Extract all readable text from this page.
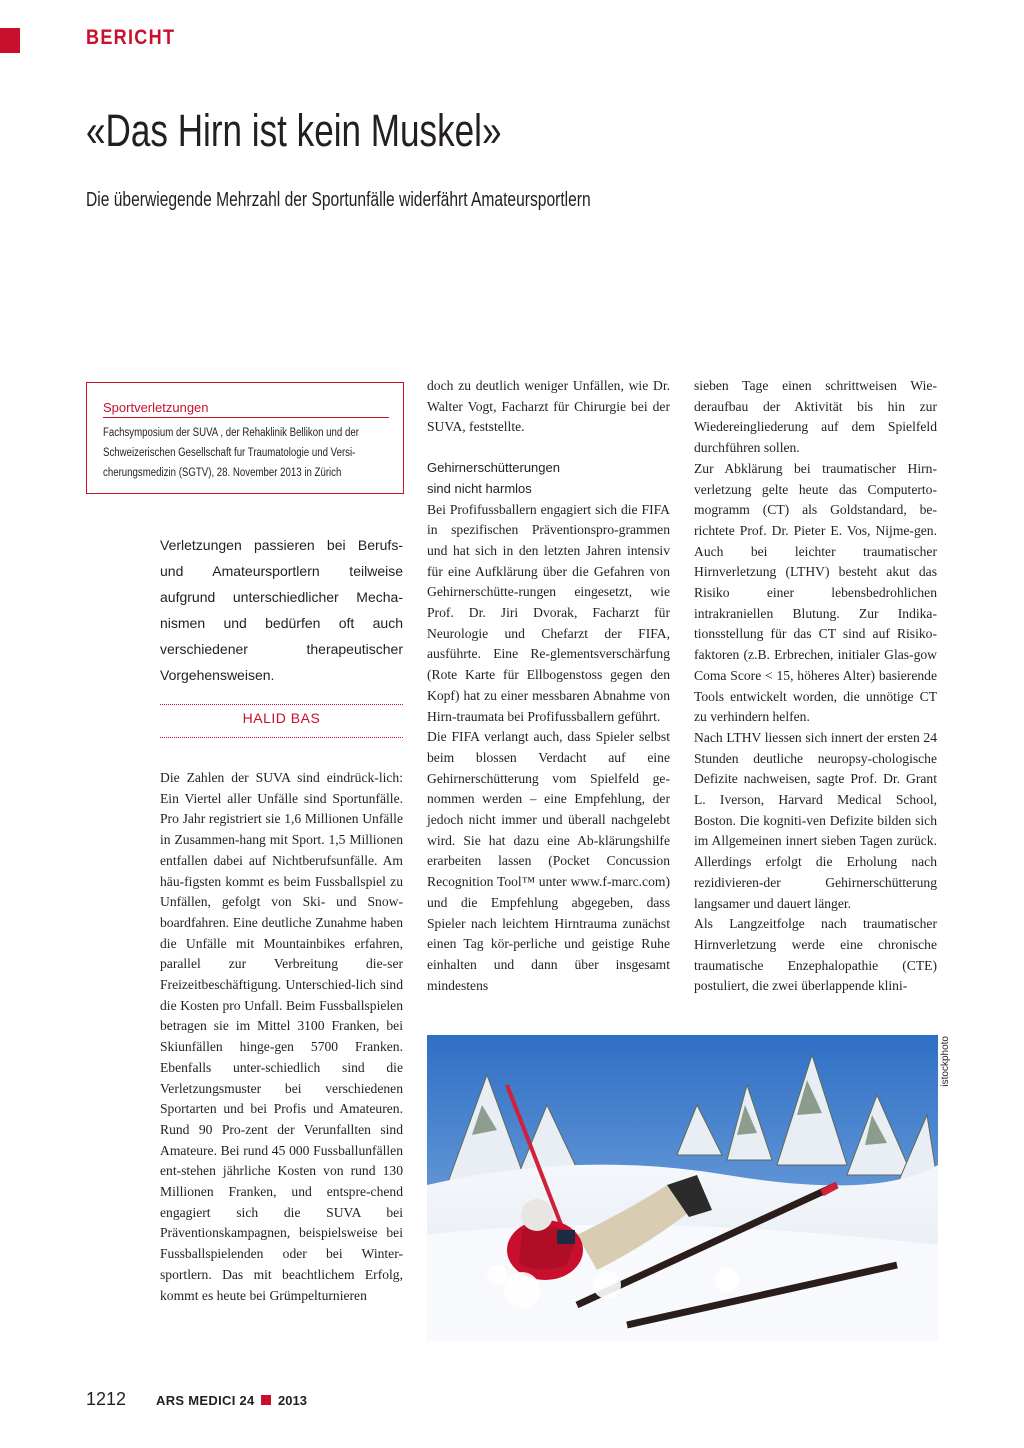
BERICHT
«Das Hirn ist kein Muskel»
Die überwiegende Mehrzahl der Sportunfälle widerfährt Amateursportlern
Sportverletzungen
Fachsymposium der SUVA , der Rehaklinik Bellikon und der
Schweizerischen Gesellschaft fur Traumatologie und Versi-
cherungsmedizin (SGTV), 28. November 2013 in Zürich
Verletzungen passieren bei Berufs-
und Amateursportlern teilweise
aufgrund unterschiedlicher Mecha-
nismen und bedürfen oft auch
verschiedener therapeutischer
Vorgehensweisen.
HALID BAS

Die Zahlen der SUVA sind eindrück-lich: Ein Viertel aller Unfälle sind Sportunfälle. Pro Jahr registriert sie 1,6 Millionen Unfälle in Zusammen-hang mit Sport. 1,5 Millionen entfallen dabei auf Nichtberufsunfälle. Am häu-figsten kommt es beim Fussballspiel zu Unfällen, gefolgt von Ski- und Snow-boardfahren. Eine deutliche Zunahme haben die Unfälle mit Mountainbikes erfahren, parallel zur Verbreitung die-ser Freizeitbeschäftigung. Unterschied-lich sind die Kosten pro Unfall. Beim Fussballspielen betragen sie im Mittel 3100 Franken, bei Skiunfällen hinge-gen 5700 Franken. Ebenfalls unter-schiedlich sind die Verletzungsmuster bei verschiedenen Sportarten und bei Profis und Amateuren. Rund 90 Pro-zent der Verunfallten sind Amateure. Bei rund 45 000 Fussballunfällen ent-stehen jährliche Kosten von rund 130 Millionen Franken, und entspre-chend engagiert sich die SUVA bei Präventionskampagnen, beispielsweise bei Fussballspielenden oder bei Winter-sportlern. Das mit beachtlichem Erfolg, kommt es heute bei Grümpelturnieren

doch zu deutlich weniger Unfällen, wie Dr. Walter Vogt, Facharzt für Chirurgie bei der SUVA, feststellte.

Gehirnerschütterungen
sind nicht harmlos

Bei Profifussballern engagiert sich die FIFA in spezifischen Präventionspro-grammen und hat sich in den letzten Jahren intensiv für eine Aufklärung über die Gefahren von Gehirnerschütte-rungen eingesetzt, wie Prof. Dr. Jiri Dvorak, Facharzt für Neurologie und Chefarzt der FIFA, ausführte. Eine Re-glementsverschärfung (Rote Karte für Ellbogenstoss gegen den Kopf) hat zu einer messbaren Abnahme von Hirn-traumata bei Profifussballern geführt.

Die FIFA verlangt auch, dass Spieler selbst beim blossen Verdacht auf eine Gehirnerschütterung vom Spielfeld ge-nommen werden – eine Empfehlung, der jedoch nicht immer und überall nachgelebt wird. Sie hat dazu eine Ab-klärungshilfe erarbeiten lassen (Pocket Concussion Recognition Tool™ unter www.f-marc.com) und die Empfehlung abgegeben, dass Spieler nach leichtem Hirntrauma zunächst einen Tag kör-perliche und geistige Ruhe einhalten und dann über insgesamt mindestens

sieben Tage einen schrittweisen Wie-deraufbau der Aktivität bis hin zur Wiedereingliederung auf dem Spielfeld durchführen sollen.

Zur Abklärung bei traumatischer Hirn-verletzung gelte heute das Computerto-mogramm (CT) als Goldstandard, be-richtete Prof. Dr. Pieter E. Vos, Nijme-gen. Auch bei leichter traumatischer Hirnverletzung (LTHV) besteht akut das Risiko einer lebensbedrohlichen intrakraniellen Blutung. Zur Indika-tionsstellung für das CT sind auf Risiko-faktoren (z.B. Erbrechen, initialer Glas-gow Coma Score < 15, höheres Alter) basierende Tools entwickelt worden, die unnötige CT zu verhindern helfen.

Nach LTHV liessen sich innert der ersten 24 Stunden deutliche neuropsy-chologische Defizite nachweisen, sagte Prof. Dr. Grant L. Iverson, Harvard Medical School, Boston. Die kogniti-ven Defizite bilden sich im Allgemeinen innert sieben Tagen zurück. Allerdings erfolgt die Erholung nach rezidivieren-der Gehirnerschütterung langsamer und dauert länger.

Als Langzeitfolge nach traumatischer Hirnverletzung werde eine chronische traumatische Enzephalopathie (CTE) postuliert, die zwei überlappende klini-

istockphoto
1212 ARS MEDICI 24 2013
